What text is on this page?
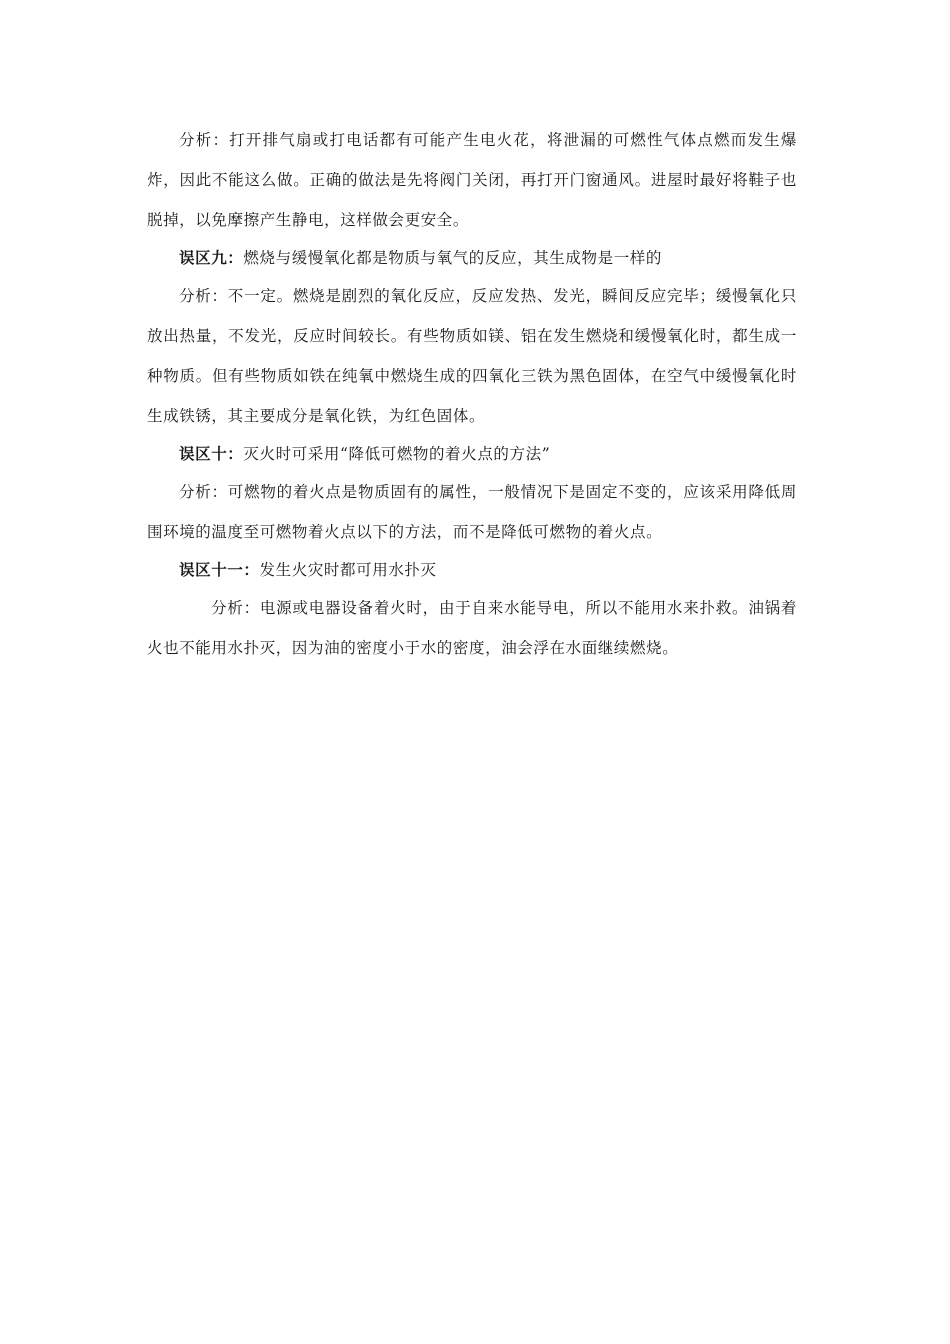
分析：打开排气扇或打电话都有可能产生电火花，将泄漏的可燃性气体点燃而发生爆炸，因此不能这么做。正确的做法是先将阀门关闭，再打开门窗通风。进屋时最好将鞋子也脱掉，以免摩擦产生静电，这样做会更安全。

误区九：燃烧与缓慢氧化都是物质与氧气的反应，其生成物是一样的

分析：不一定。燃烧是剧烈的氧化反应，反应发热、发光，瞬间反应完毕；缓慢氧化只放出热量，不发光，反应时间较长。有些物质如镁、铝在发生燃烧和缓慢氧化时，都生成一种物质。但有些物质如铁在纯氧中燃烧生成的四氧化三铁为黑色固体，在空气中缓慢氧化时生成铁锈，其主要成分是氧化铁，为红色固体。

误区十：灭火时可采用“降低可燃物的着火点的方法”

分析：可燃物的着火点是物质固有的属性，一般情况下是固定不变的，应该采用降低周围环境的温度至可燃物着火点以下的方法，而不是降低可燃物的着火点。

误区十一：发生火灾时都可用水扑灭

分析：电源或电器设备着火时，由于自来水能导电，所以不能用水来扑救。油锅着火也不能用水扑灭，因为油的密度小于水的密度，油会浮在水面继续燃烧。
